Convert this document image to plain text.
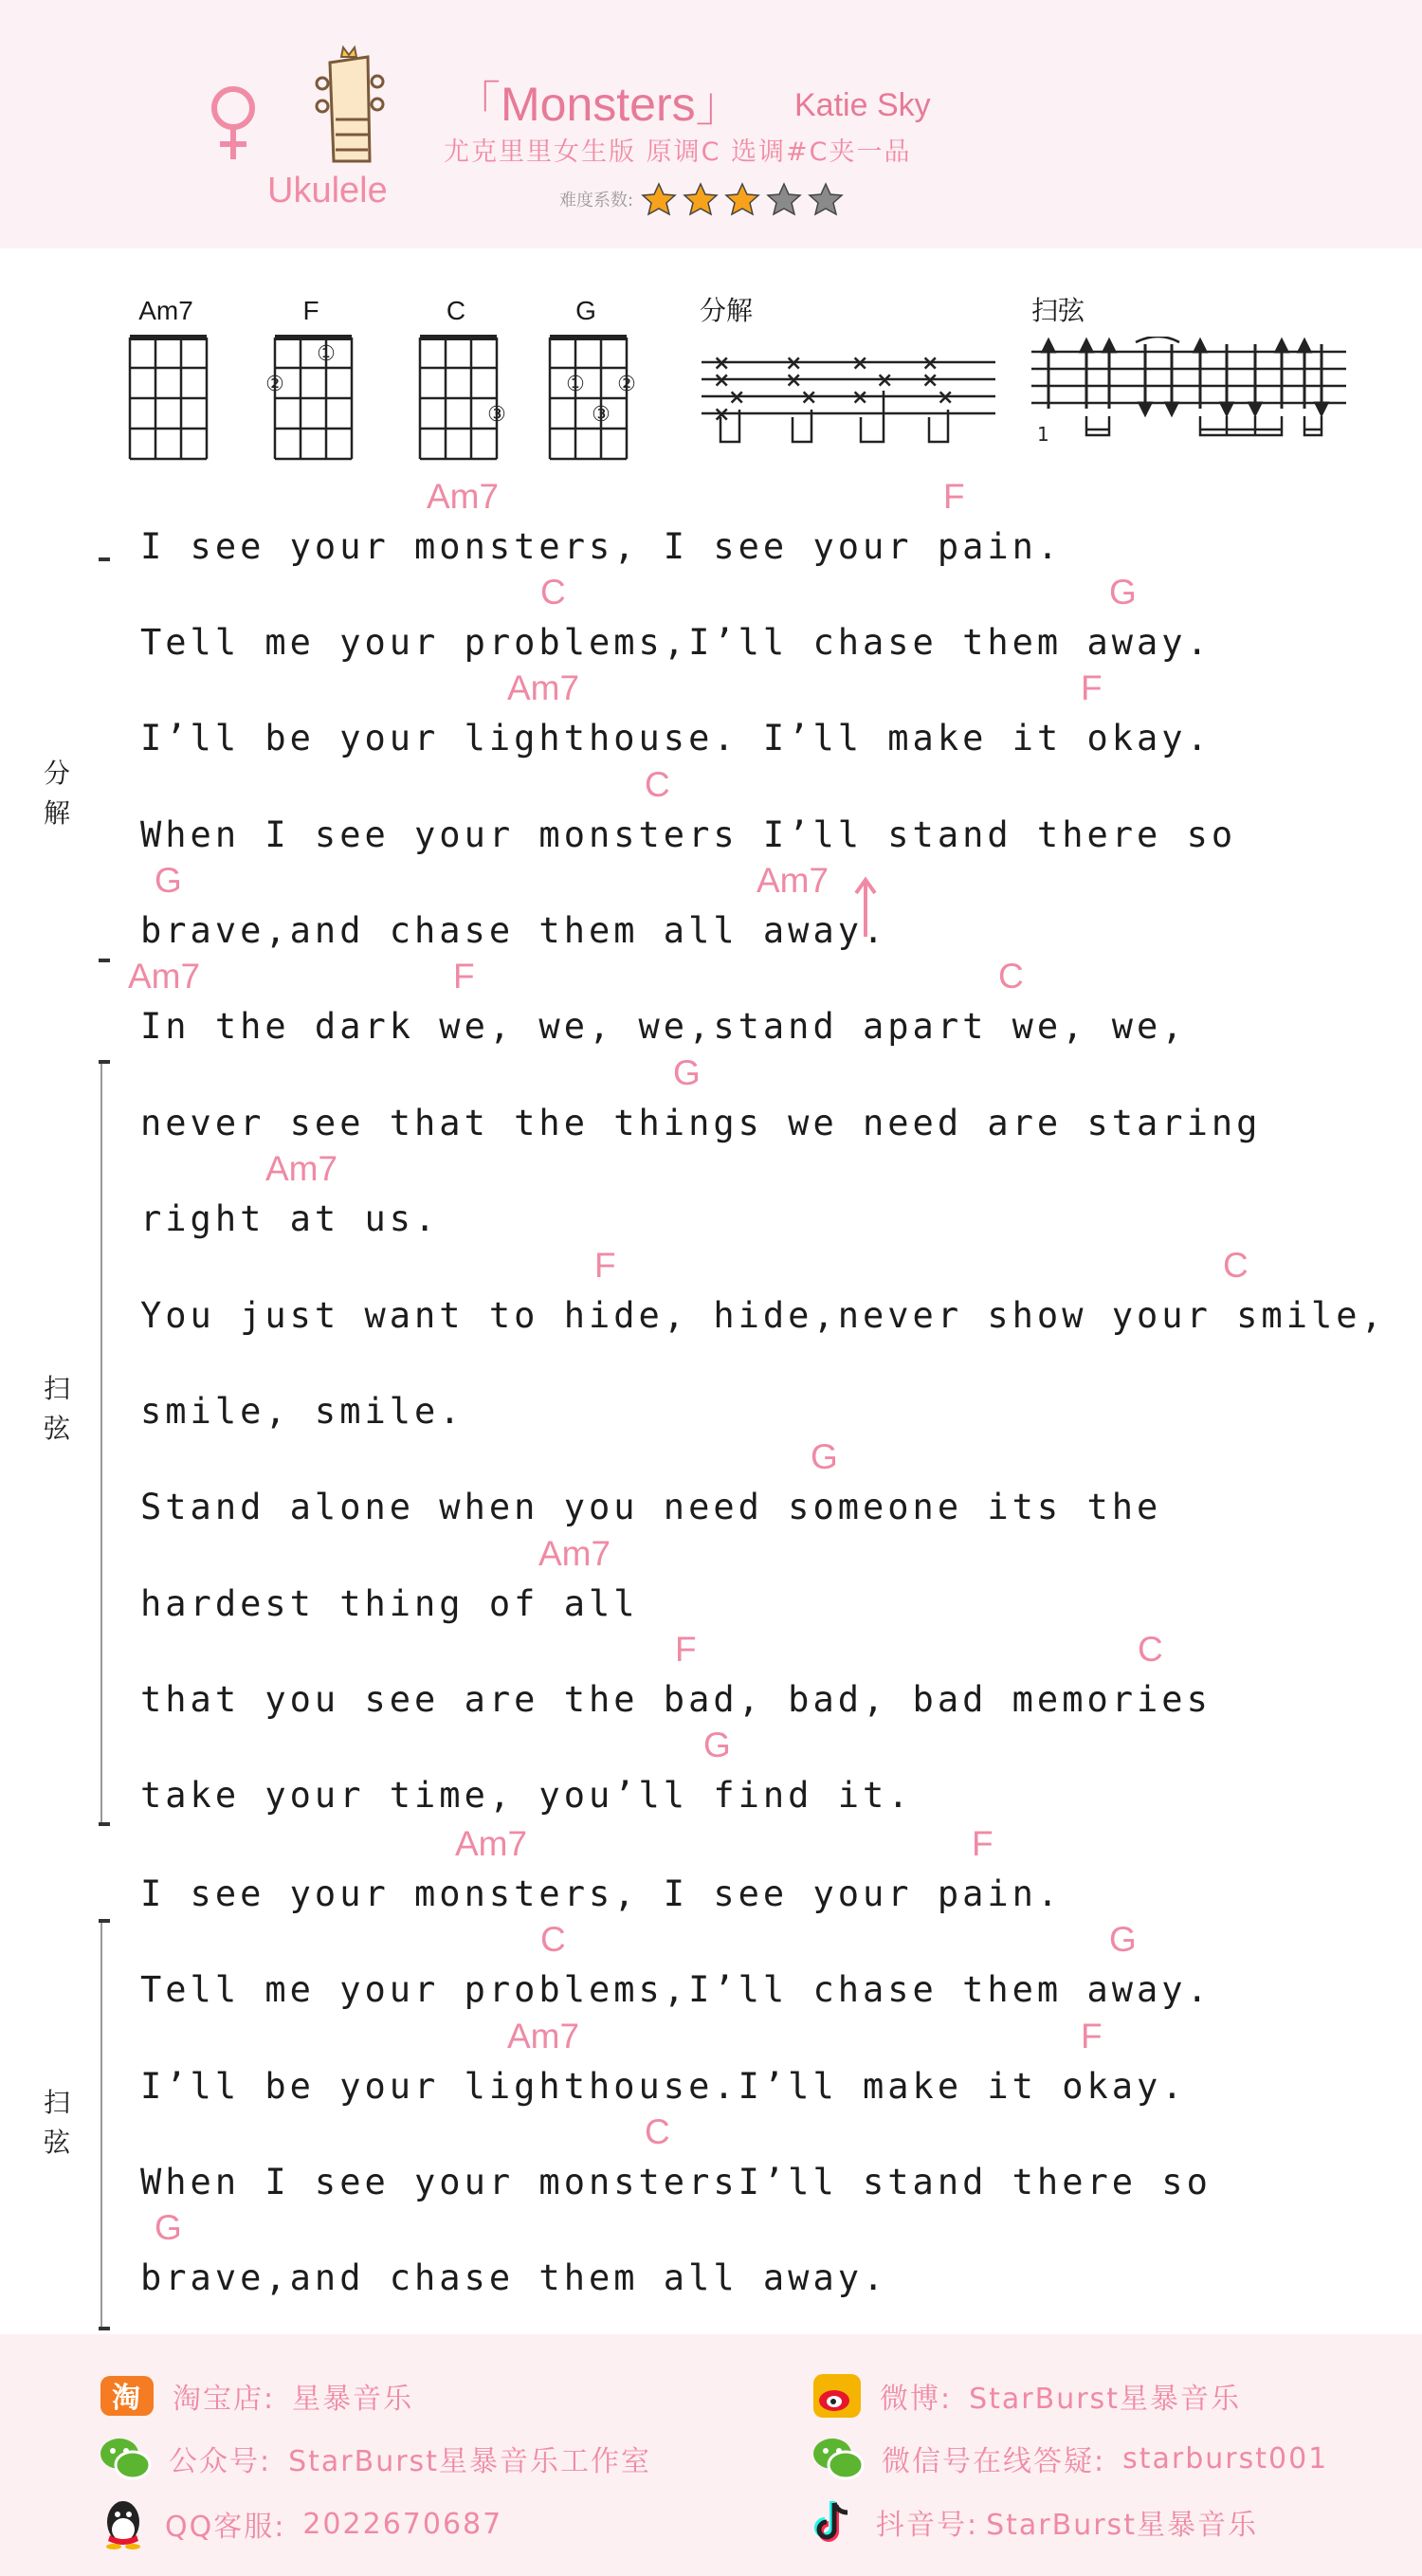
Ukulele
「Monsters」 Katie Sky
尤克里里女生版 原调C 选调#C夹一品
难度系数:
Am7	F
①
②
C
③
G
① ②
③
分解
×
×
×
×
×
×
×
×
×
×
×
×
×
扫弦
1
分
解
扫
弦
扫
弦
I see your monsters, I see your pain.
Am7	F
Tell me your problems,I’ll chase them away.
C	G
I’ll be your lighthouse. I’ll make it okay.
Am7	F
When I see your monsters I’ll stand there so
C
brave,and chase them all away.
G	Am7
In the dark we, we, we,stand apart we, we,
Am7	F	C
never see that the things we need are staring
G
right at us.
Am7
You just want to hide, hide,never show your smile,
F	C
smile, smile.
Stand alone when you need someone its the
G
hardest thing of all
Am7
that you see are the bad, bad, bad memories
F	C
take your time, you’ll find it.
G
I see your monsters, I see your pain.
Am7	F
Tell me your problems,I’ll chase them away.
C	G
I’ll be your lighthouse.I’ll make it okay.
Am7	F
When I see your monstersI’ll stand there so
C
brave,and chase them all away.
G
淘 淘宝店: 星暴音乐	微博: StarBurst星暴音乐
公众号: StarBurst星暴音乐工作室	微信号在线答疑: starburst001
QQ客服: 2022670687	抖音号: StarBurst星暴音乐
